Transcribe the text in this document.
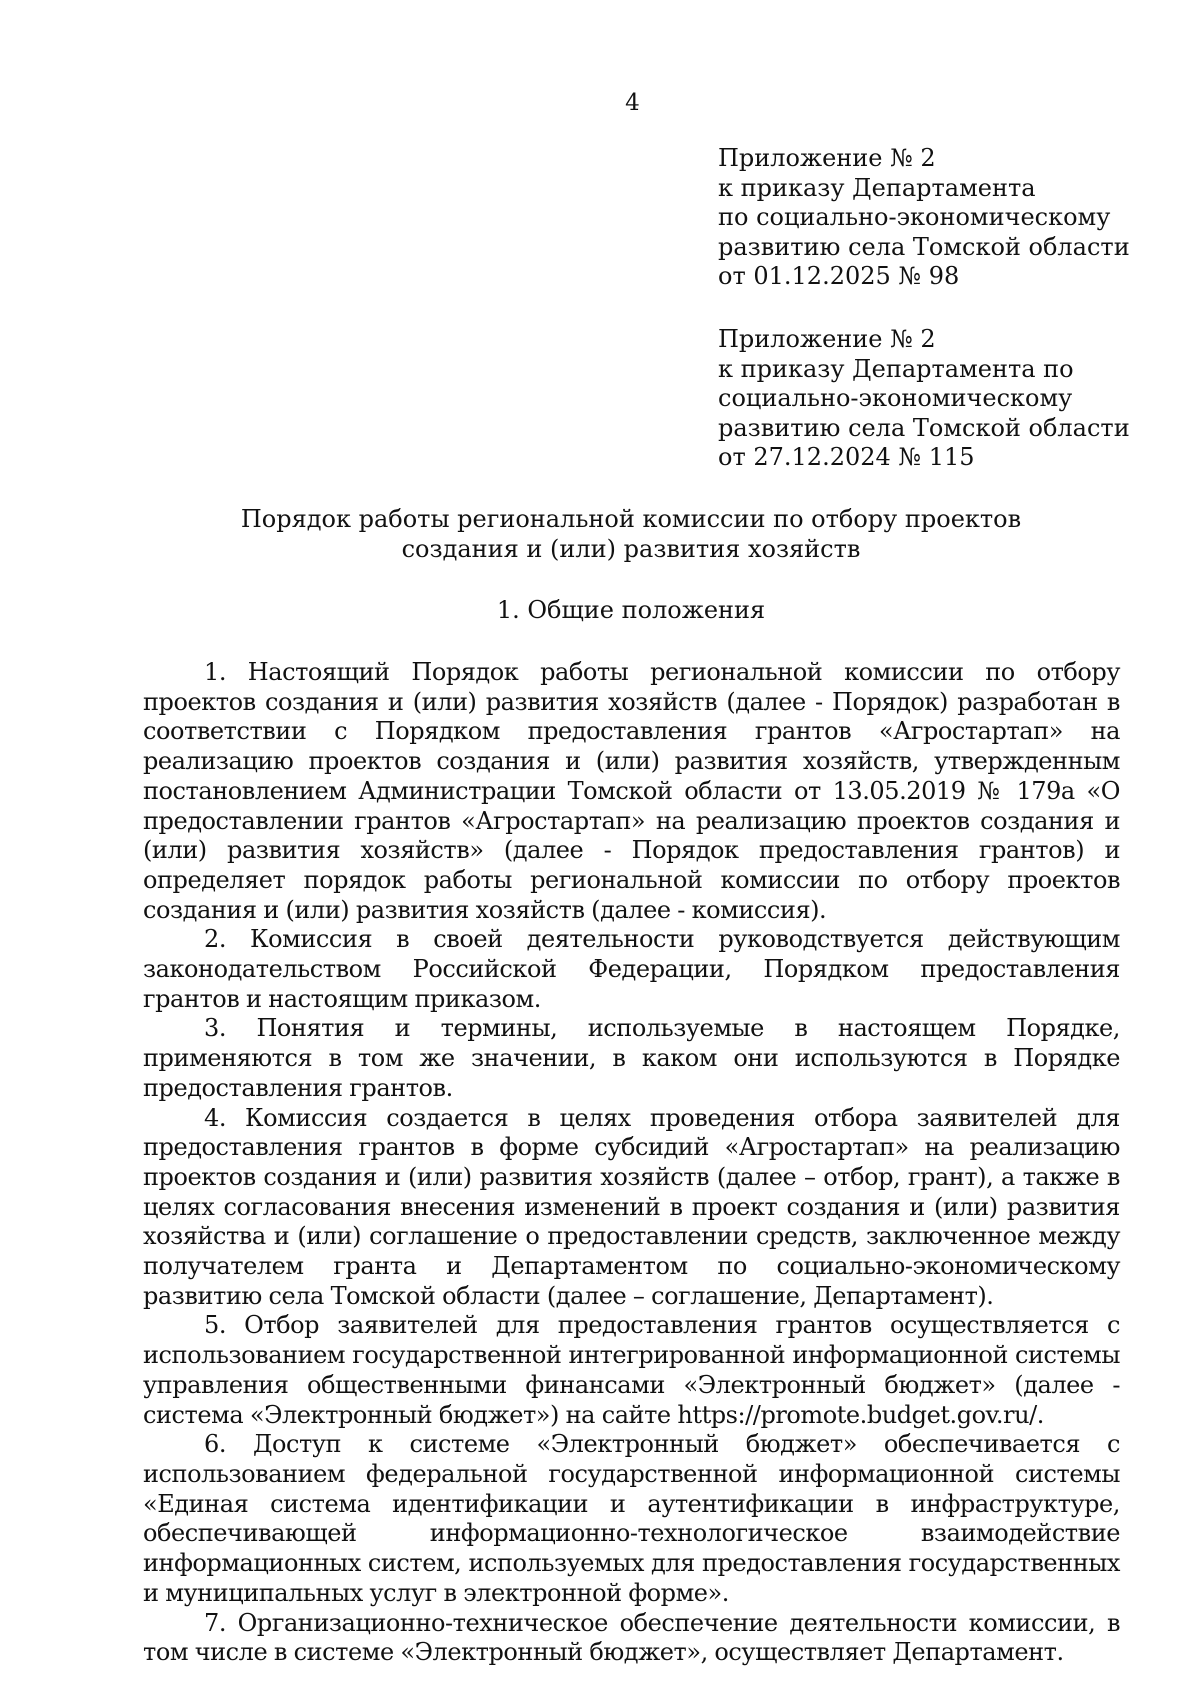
4
Приложение № 2
к приказу Департамента
по социально-экономическому
развитию села Томской области
от 01.12.2025 № 98
Приложение № 2
к приказу Департамента по
социально-экономическому
развитию села Томской области
от 27.12.2024 № 115
Порядок работы региональной комиссии по отбору проектов
создания и (или) развития хозяйств
1. Общие положения

1. Настоящий Порядок работы региональной комиссии по отбору проектов создания и (или) развития хозяйств (далее - Порядок) разработан в соответствии с Порядком предоставления грантов «Агростартап» на реализацию проектов создания и (или) развития хозяйств, утвержденным постановлением Администрации Томской области от 13.05.2019 № 179а «О предоставлении грантов «Агростартап» на реализацию проектов создания и (или) развития хозяйств» (далее - Порядок предоставления грантов) и определяет порядок работы региональной комиссии по отбору проектов создания и (или) развития хозяйств (далее - комиссия).

2. Комиссия в своей деятельности руководствуется действующим законодательством Российской Федерации, Порядком предоставления грантов и настоящим приказом.

3. Понятия и термины, используемые в настоящем Порядке, применяются в том же значении, в каком они используются в Порядке предоставления грантов.

4. Комиссия создается в целях проведения отбора заявителей для предоставления грантов в форме субсидий «Агростартап» на реализацию проектов создания и (или) развития хозяйств (далее – отбор, грант), а также в целях согласования внесения изменений в проект создания и (или) развития хозяйства и (или) соглашение о предоставлении средств, заключенное между получателем гранта и Департаментом по социально-экономическому развитию села Томской области (далее – соглашение, Департамент).

5. Отбор заявителей для предоставления грантов осуществляется с использованием государственной интегрированной информационной системы управления общественными финансами «Электронный бюджет» (далее - система «Электронный бюджет») на сайте https://promote.budget.gov.ru/.

6. Доступ к системе «Электронный бюджет» обеспечивается с использованием федеральной государственной информационной системы «Единая система идентификации и аутентификации в инфраструктуре, обеспечивающей информационно-технологическое взаимодействие информационных систем, используемых для предоставления государственных и муниципальных услуг в электронной форме».

7. Организационно-техническое обеспечение деятельности комиссии, в том числе в системе «Электронный бюджет», осуществляет Департамент.
